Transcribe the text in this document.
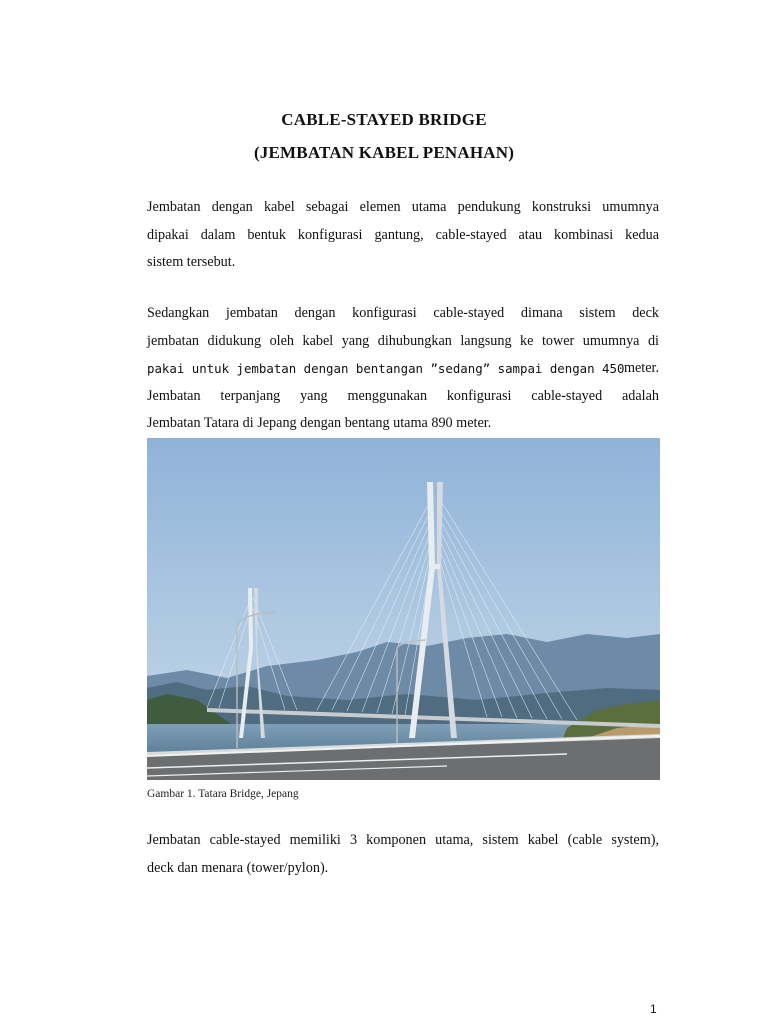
CABLE-STAYED BRIDGE
(JEMBATAN KABEL PENAHAN)
Jembatan dengan kabel sebagai elemen utama pendukung konstruksi umumnya
dipakai dalam bentuk konfigurasi gantung, cable-stayed atau kombinasi kedua
sistem tersebut.
Sedangkan jembatan dengan konfigurasi cable-stayed dimana sistem deck
jembatan didukung oleh kabel yang dihubungkan langsung ke tower umumnya di
pakai untuk jembatan dengan bentangan ”sedang” sampai dengan 450 meter.
Jembatan terpanjang yang menggunakan konfigurasi cable-stayed adalah
Jembatan Tatara di Jepang dengan bentang utama 890 meter.
Gambar 1. Tatara Bridge, Jepang
Jembatan cable-stayed memiliki 3 komponen utama, sistem kabel (cable system),
deck dan menara (tower/pylon).
1
